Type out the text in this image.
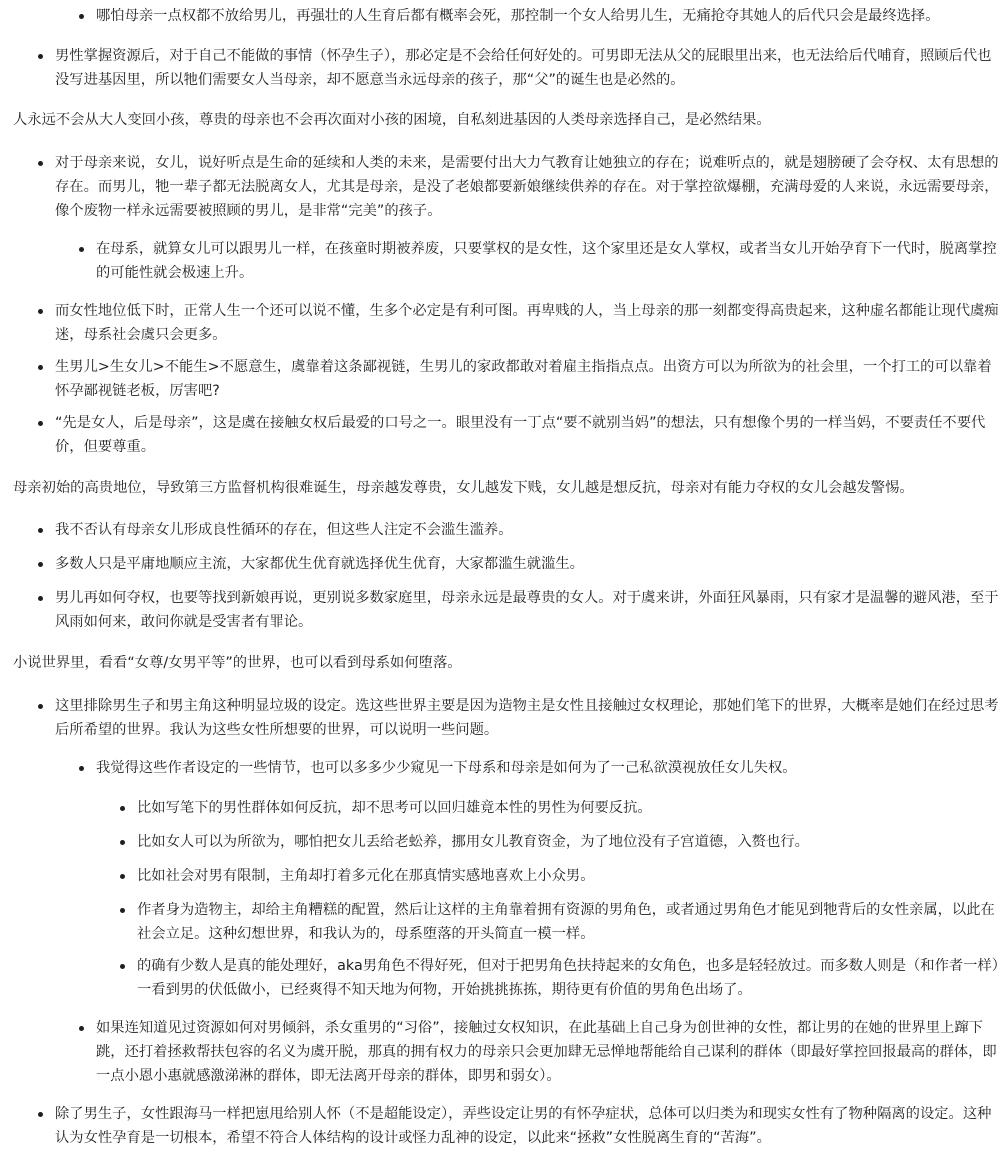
哪怕母亲一点权都不放给男儿，再强壮的人生育后都有概率会死，那控制一个女人给男儿生，无痛抢夺其她人的后代只会是最终选择。
男性掌握资源后，对于自己不能做的事情（怀孕生子），那必定是不会给任何好处的。可男即无法从父的屁眼里出来，也无法给后代哺育，照顾后代也没写进基因里，所以牠们需要女人当母亲，却不愿意当永远母亲的孩子，那“父”的诞生也是必然的。
人永远不会从大人变回小孩，尊贵的母亲也不会再次面对小孩的困境，自私刻进基因的人类母亲选择自己，是必然结果。
对于母亲来说，女儿，说好听点是生命的延续和人类的未来，是需要付出大力气教育让她独立的存在；说难听点的，就是翅膀硬了会夺权、太有思想的存在。而男儿，牠一辈子都无法脱离女人，尤其是母亲，是没了老娘都要新娘继续供养的存在。对于掌控欲爆棚，充满母爱的人来说，永远需要母亲，像个废物一样永远需要被照顾的男儿，是非常“完美”的孩子。
在母系，就算女儿可以跟男儿一样，在孩童时期被养废，只要掌权的是女性，这个家里还是女人掌权，或者当女儿开始孕育下一代时，脱离掌控的可能性就会极速上升。
而女性地位低下时，正常人生一个还可以说不懂，生多个必定是有利可图。再卑贱的人，当上母亲的那一刻都变得高贵起来，这种虚名都能让现代虞痴迷，母系社会虞只会更多。
生男儿>生女儿>不能生>不愿意生，虞靠着这条鄙视链，生男儿的家政都敢对着雇主指指点点。出资方可以为所欲为的社会里，一个打工的可以靠着怀孕鄙视链老板，厉害吧?
“先是女人，后是母亲”，这是虞在接触女权后最爱的口号之一。眼里没有一丁点“要不就别当妈”的想法，只有想像个男的一样当妈，不要责任不要代价，但要尊重。
母亲初始的高贵地位，导致第三方监督机构很难诞生，母亲越发尊贵，女儿越发下贱，女儿越是想反抗，母亲对有能力夺权的女儿会越发警惕。
我不否认有母亲女儿形成良性循环的存在，但这些人注定不会滥生滥养。
多数人只是平庸地顺应主流，大家都优生优育就选择优生优育，大家都滥生就滥生。
男儿再如何夺权，也要等找到新娘再说，更别说多数家庭里，母亲永远是最尊贵的女人。对于虞来讲，外面狂风暴雨，只有家才是温馨的避风港，至于风雨如何来，敢问你就是受害者有罪论。
小说世界里，看看“女尊/女男平等”的世界，也可以看到母系如何堕落。
这里排除男生子和男主角这种明显垃圾的设定。选这些世界主要是因为造物主是女性且接触过女权理论，那她们笔下的世界，大概率是她们在经过思考后所希望的世界。我认为这些女性所想要的世界，可以说明一些问题。
我觉得这些作者设定的一些情节，也可以多多少少窥见一下母系和母亲是如何为了一己私欲漠视放任女儿失权。
比如写笔下的男性群体如何反抗，却不思考可以回归雄竟本性的男性为何要反抗。
比如女人可以为所欲为，哪怕把女儿丢给老蚣养，挪用女儿教育资金，为了地位没有子宫道德，入赘也行。
比如社会对男有限制，主角却打着多元化在那真情实感地喜欢上小众男。
作者身为造物主，却给主角糟糕的配置，然后让这样的主角靠着拥有资源的男角色，或者通过男角色才能见到牠背后的女性亲属，以此在社会立足。这种幻想世界，和我认为的，母系堕落的开头简直一模一样。
的确有少数人是真的能处理好，aka男角色不得好死，但对于把男角色扶持起来的女角色，也多是轻轻放过。而多数人则是（和作者一样）一看到男的伏低做小，已经爽得不知天地为何物，开始挑挑拣拣，期待更有价值的男角色出场了。
如果连知道见过资源如何对男倾斜，杀女重男的“习俗”，接触过女权知识，在此基础上自己身为创世神的女性，都让男的在她的世界里上蹿下跳，还打着拯救帮扶包容的名义为虞开脱，那真的拥有权力的母亲只会更加肆无忌惮地帮能给自己谋利的群体（即最好掌控回报最高的群体，即一点小恩小惠就感激涕淋的群体，即无法离开母亲的群体，即男和弱女）。
除了男生子，女性跟海马一样把崽甩给别人怀（不是超能设定），弄些设定让男的有怀孕症状，总体可以归类为和现实女性有了物种隔离的设定。这种认为女性孕育是一切根本，希望不符合人体结构的设计或怪力乱神的设定，以此来“拯救”女性脱离生育的“苦海”。
